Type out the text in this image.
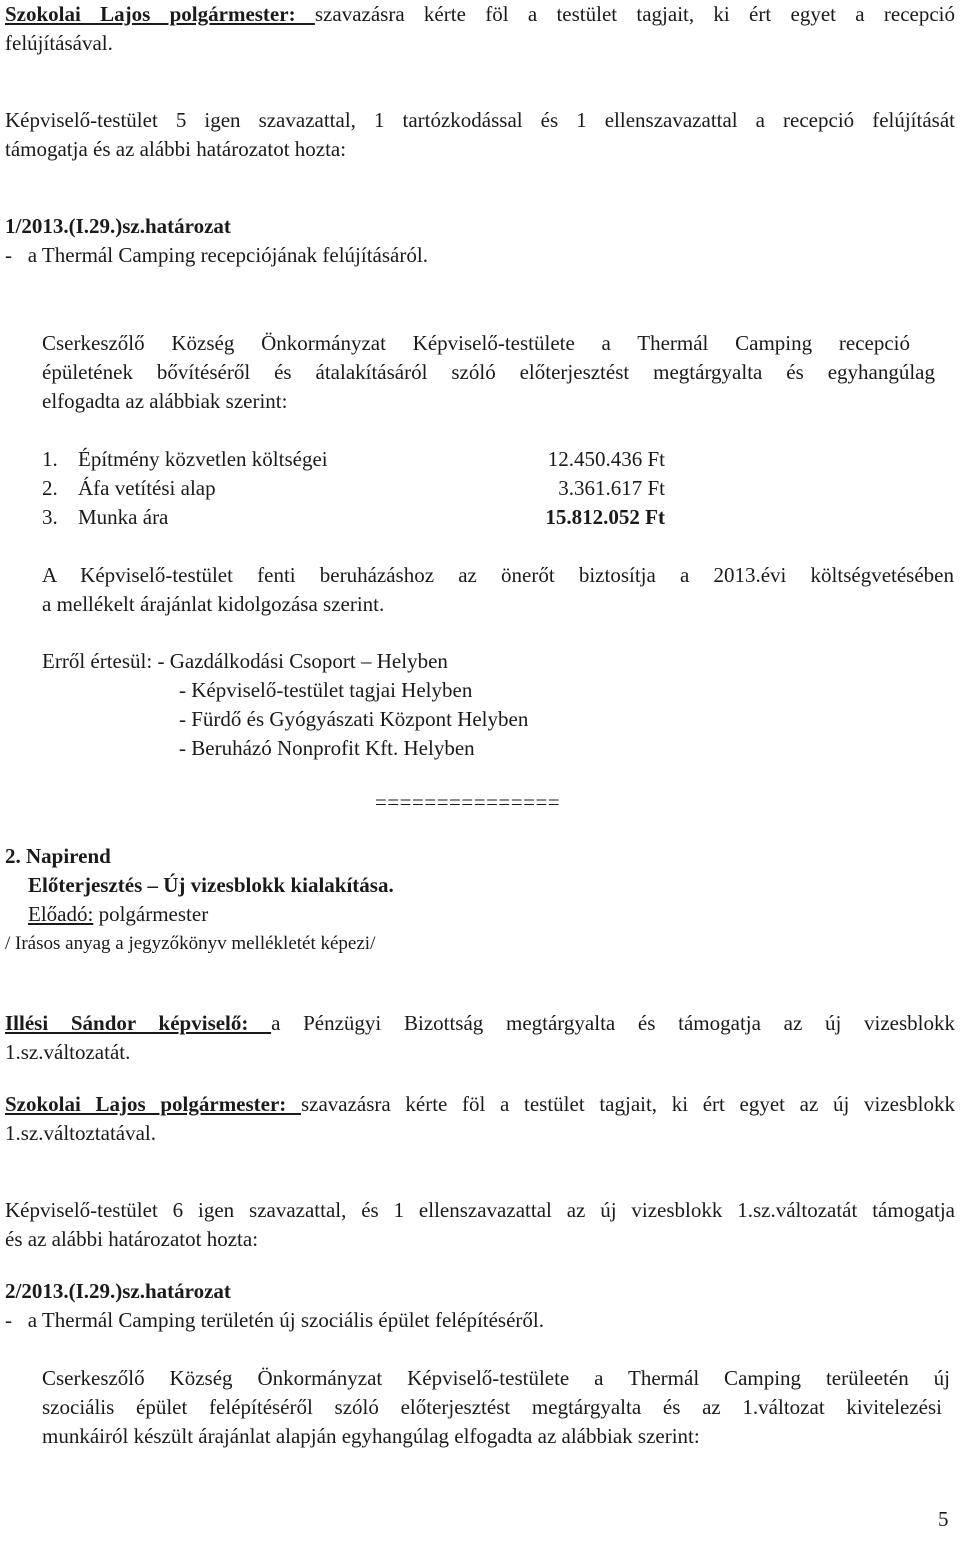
Szokolai Lajos polgármester: szavazásra kérte föl a testület tagjait, ki ért egyet a recepció
felújításával.
Képviselő-testület 5 igen szavazattal, 1 tartózkodással és 1 ellenszavazattal a recepció felújítását
támogatja és az alábbi határozatot hozta:
1/2013.(I.29.)sz.határozat
-   a Thermál Camping recepciójának felújításáról.
Cserkeszőlő Község Önkormányzat Képviselő-testülete a Thermál Camping recepció
épületének bővítéséről és átalakításáról szóló előterjesztést megtárgyalta és egyhangúlag
elfogadta az alábbiak szerint:
1. Építmény közvetlen költségei	12.450.436 Ft
2. Áfa vetítési alap	3.361.617 Ft
3. Munka ára	15.812.052 Ft
A Képviselő-testület fenti beruházáshoz az önerőt biztosítja a 2013.évi költségvetésében
a mellékelt árajánlat kidolgozása szerint.
Erről értesül: - Gazdálkodási Csoport – Helyben
- Képviselő-testület tagjai Helyben
- Fürdő és Gyógyászati Központ Helyben
- Beruházó Nonprofit Kft. Helyben
===============
2. Napirend
Előterjesztés – Új vizesblokk kialakítása.
Előadó: polgármester
/ Irásos anyag a jegyzőkönyv mellékletét képezi/
Illési Sándor képviselő: a Pénzügyi Bizottság megtárgyalta és támogatja az új vizesblokk
1.sz.változatát.
Szokolai Lajos polgármester: szavazásra kérte föl a testület tagjait, ki ért egyet az új vizesblokk
1.sz.változtatával.
Képviselő-testület 6 igen szavazattal, és 1 ellenszavazattal az új vizesblokk 1.sz.változatát támogatja
és az alábbi határozatot hozta:
2/2013.(I.29.)sz.határozat
-   a Thermál Camping területén új szociális épület felépítéséről.
Cserkeszőlő Község Önkormányzat Képviselő-testülete a Thermál Camping terüleetén új
szociális épület felépítéséről szóló előterjesztést megtárgyalta és az 1.változat kivitelezési
munkáiról készült árajánlat alapján egyhangúlag elfogadta az alábbiak szerint:
5
